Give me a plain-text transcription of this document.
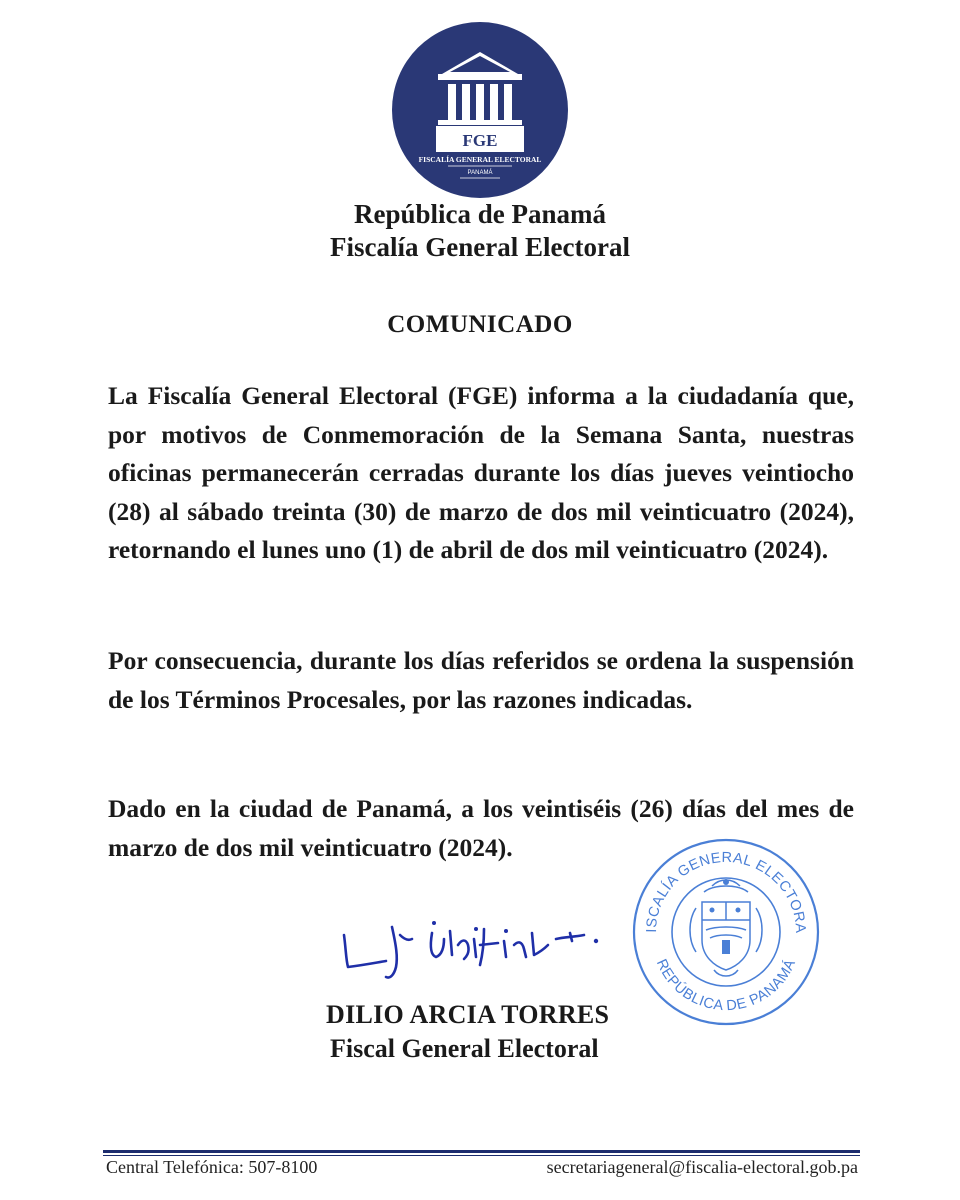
FGE
FISCALÍA GENERAL ELECTORAL
PANAMÁ
República de Panamá
Fiscalía General Electoral
COMUNICADO
La Fiscalía General Electoral (FGE) informa a la ciudadanía que, por motivos de Conmemoración de la Semana Santa, nuestras oficinas permanecerán cerradas durante los días jueves veintiocho (28) al sábado treinta (30) de marzo de dos mil veinticuatro (2024), retornando el lunes uno (1) de abril de dos mil veinticuatro (2024).
Por consecuencia, durante los días referidos se ordena la suspensión de los Términos Procesales, por las razones indicadas.
Dado en la ciudad de Panamá, a los veintiséis (26) días del mes de marzo de dos mil veinticuatro (2024).
ISCALÍA GENERAL ELECTORA
REPÚBLICA DE PANAMÁ
DILIO ARCIA TORRES
Fiscal General Electoral
Central Telefónica: 507-8100	secretariageneral@fiscalia-electoral.gob.pa
